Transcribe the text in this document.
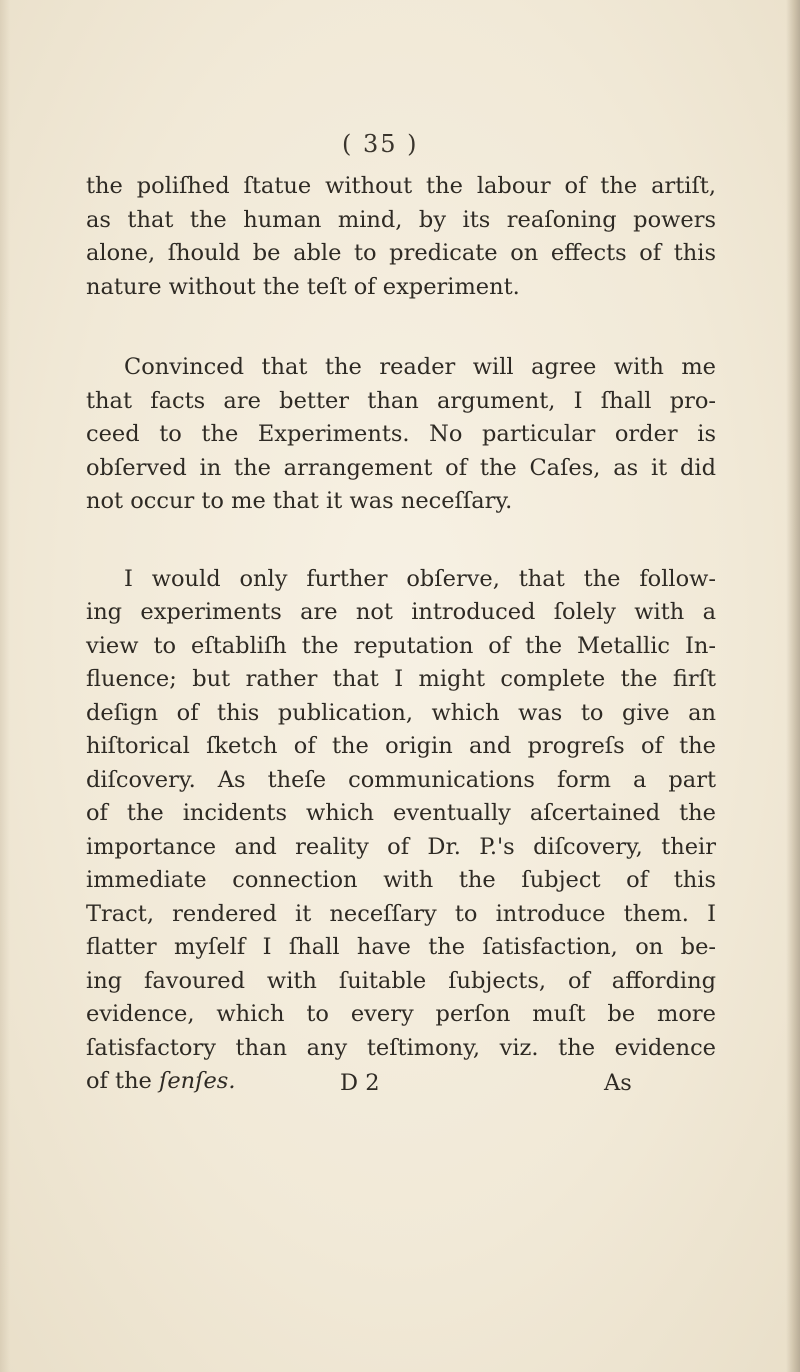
( 35 )
the poliſhed ſtatue without the labour of the artiſt,
as that the human mind, by its reaſoning powers
alone, ſhould be able to predicate on effects of this
nature without the teſt of experiment.
Convinced that the reader will agree with me
that facts are better than argument, I ſhall pro-
ceed to the Experiments. No particular order is
obſerved in the arrangement of the Caſes, as it did
not occur to me that it was neceſſary.
I would only further obſerve, that the follow-
ing experiments are not introduced ſolely with a
view to eſtabliſh the reputation of the Metallic In-
fluence; but rather that I might complete the firſt
deſign of this publication, which was to give an
hiſtorical ſketch of the origin and progreſs of the
diſcovery. As theſe communications form a part
of the incidents which eventually aſcertained the
importance and reality of Dr. P.'s diſcovery, their
immediate connection with the ſubject of this
Tract, rendered it neceſſary to introduce them. I
flatter myſelf I ſhall have the ſatisfaction, on be-
ing favoured with ſuitable ſubjects, of affording
evidence, which to every perſon muſt be more
ſatisfactory than any teſtimony, viz. the evidence
of the ſenſes.	D 2	As
